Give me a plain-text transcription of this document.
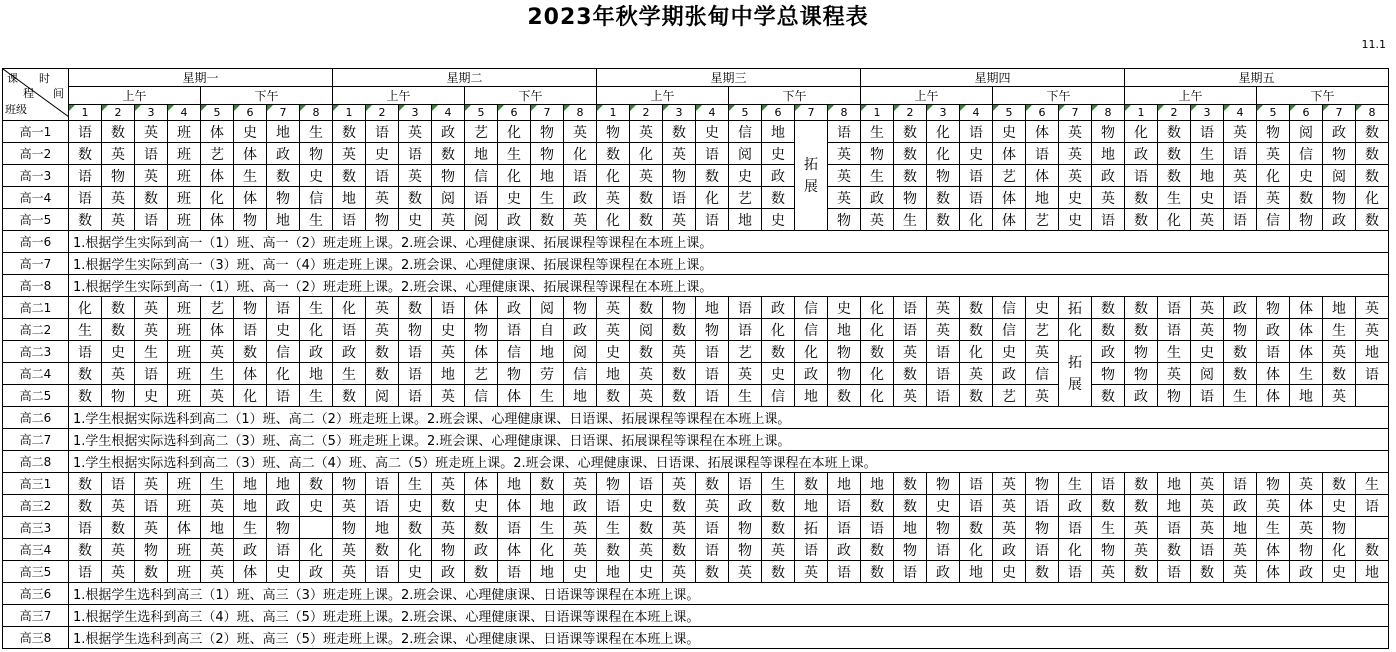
2023年秋学期张甸中学总课程表
11.1
课 时
程 间
班级	星期一								星期二								星期三								星期四								星期五							
	上午				下午				上午				下午				上午				下午				上午				下午				上午				下午			

1	2	3	4	5	6	7	8	1	2	3	4	5	6	7	8	1	2	3	4	5	6	7	8	1	2	3	4	5	6	7	8	1	2	3	4	5	6	7	8
高一1	语	数	英	班	体	史	地	生	数	语	英	政	艺	化	物	英	物	英	数	史	信	地	拓展	语	生	数	化	语	史	体	英	物	化	数	语	英	物	阅	政	数
高一2	数	英	语	班	艺	体	政	物	英	史	语	数	地	生	物	化	数	化	英	语	阅	史		英	物	数	化	史	体	语	英	地	政	数	生	语	英	信	物	数
高一3	语	物	英	班	体	生	数	史	数	语	英	物	信	化	地	语	化	英	物	数	史	政		英	生	数	物	语	艺	体	英	政	语	数	地	英	化	史	阅	数
高一4	语	英	数	班	化	体	物	信	地	英	数	阅	语	史	生	政	英	数	语	化	艺	数		英	政	物	数	语	体	地	史	英	数	生	史	语	英	数	物	化
高一5	数	英	语	班	体	物	地	生	语	物	史	英	阅	政	数	英	化	数	英	语	地	史		物	英	生	数	化	体	艺	史	语	数	化	英	语	信	物	政	数
高一6	1.根据学生实际到高一（1）班、高一（2）班走班上课。2.班会课、心理健康课、拓展课程等课程在本班上课。																																							
高一7	1.根据学生实际到高一（3）班、高一（4）班走班上课。2.班会课、心理健康课、拓展课程等课程在本班上课。																																							
高一8	1.根据学生实际到高一（1）班、高一（2）班走班上课。2.班会课、心理健康课、拓展课程等课程在本班上课。																																							
高二1	化	数	英	班	艺	物	语	生	化	英	数	语	体	政	阅	物	英	数	物	地	语	政	信	史	化	语	英	数	信	史	拓	数	数	语	英	政	物	体	地	英
高二2	生	数	英	班	体	语	史	化	语	英	物	史	物	语	自	政	英	阅	数	物	语	化	信	地	化	语	英	数	信	艺	化	数	数	语	英	物	政	体	生	英
高二3	语	史	生	班	英	数	信	政	政	数	语	英	体	信	地	阅	史	数	英	语	艺	数	化	物	数	英	语	化	史	英	拓展	政	物	生	史	数	语	体	英	地
高二4	数	英	语	班	生	体	化	地	生	数	语	地	艺	物	劳	信	地	英	数	语	英	史	政	物	化	数	语	英	政	信		物	物	英	阅	数	体	生	数	语
高二5	数	物	史	班	英	化	语	生	数	阅	语	英	信	体	生	地	数	英	数	语	生	信	地	数	化	英	语	数	艺	英		数	政	物	语	生	体	地	英	
高二6	1.学生根据实际选科到高二（1）班、高二（2）班走班上课。2.班会课、心理健康课、日语课、拓展课程等课程在本班上课。																																							
高二7	1.学生根据实际选科到高二（3）班、高二（5）班走班上课。2.班会课、心理健康课、日语课、拓展课程等课程在本班上课。																																							
高二8	1.学生根据实际选科到高二（3）班、高二（4）班、高二（5）班走班上课。2.班会课、心理健康课、日语课、拓展课程等课程在本班上课。																																							
高三1	数	语	英	班	生	地	地	数	物	语	生	英	体	地	数	英	物	语	英	数	语	生	数	地	地	数	物	语	英	物	生	语	数	地	英	语	物	英	数	生
高三2	数	英	语	班	英	地	政	史	英	语	史	数	史	体	地	政	语	史	数	英	政	数	地	语	数	数	史	语	英	语	政	数	数	地	英	政	英	体	史	语
高三3	语	数	英	体	地	生	物		物	地	数	英	数	语	生	英	生	数	英	语	物	数	拓	语	语	地	物	数	英	物	语	生	英	语	英	地	生	英	物	
高三4	数	英	物	班	英	政	语	化	英	数	化	物	政	体	化	英	数	英	数	语	物	英	语	政	数	物	语	化	政	语	化	物	英	数	语	英	体	物	化	数
高三5	语	英	数	班	英	体	史	政	英	语	史	政	数	语	地	史	地	史	英	数	英	数	英	语	数	语	政	地	史	数	语	英	数	语	数	英	体	政	史	地
高三6	1.根据学生选科到高三（1）班、高三（3）班走班上课。2.班会课、心理健康课、日语课等课程在本班上课。																																							
高三7	1.根据学生选科到高三（4）班、高三（5）班走班上课。2.班会课、心理健康课、日语课等课程在本班上课。																																							
高三8	1.根据学生选科到高三（2）班、高三（5）班走班上课。2.班会课、心理健康课、日语课等课程在本班上课。																																							
